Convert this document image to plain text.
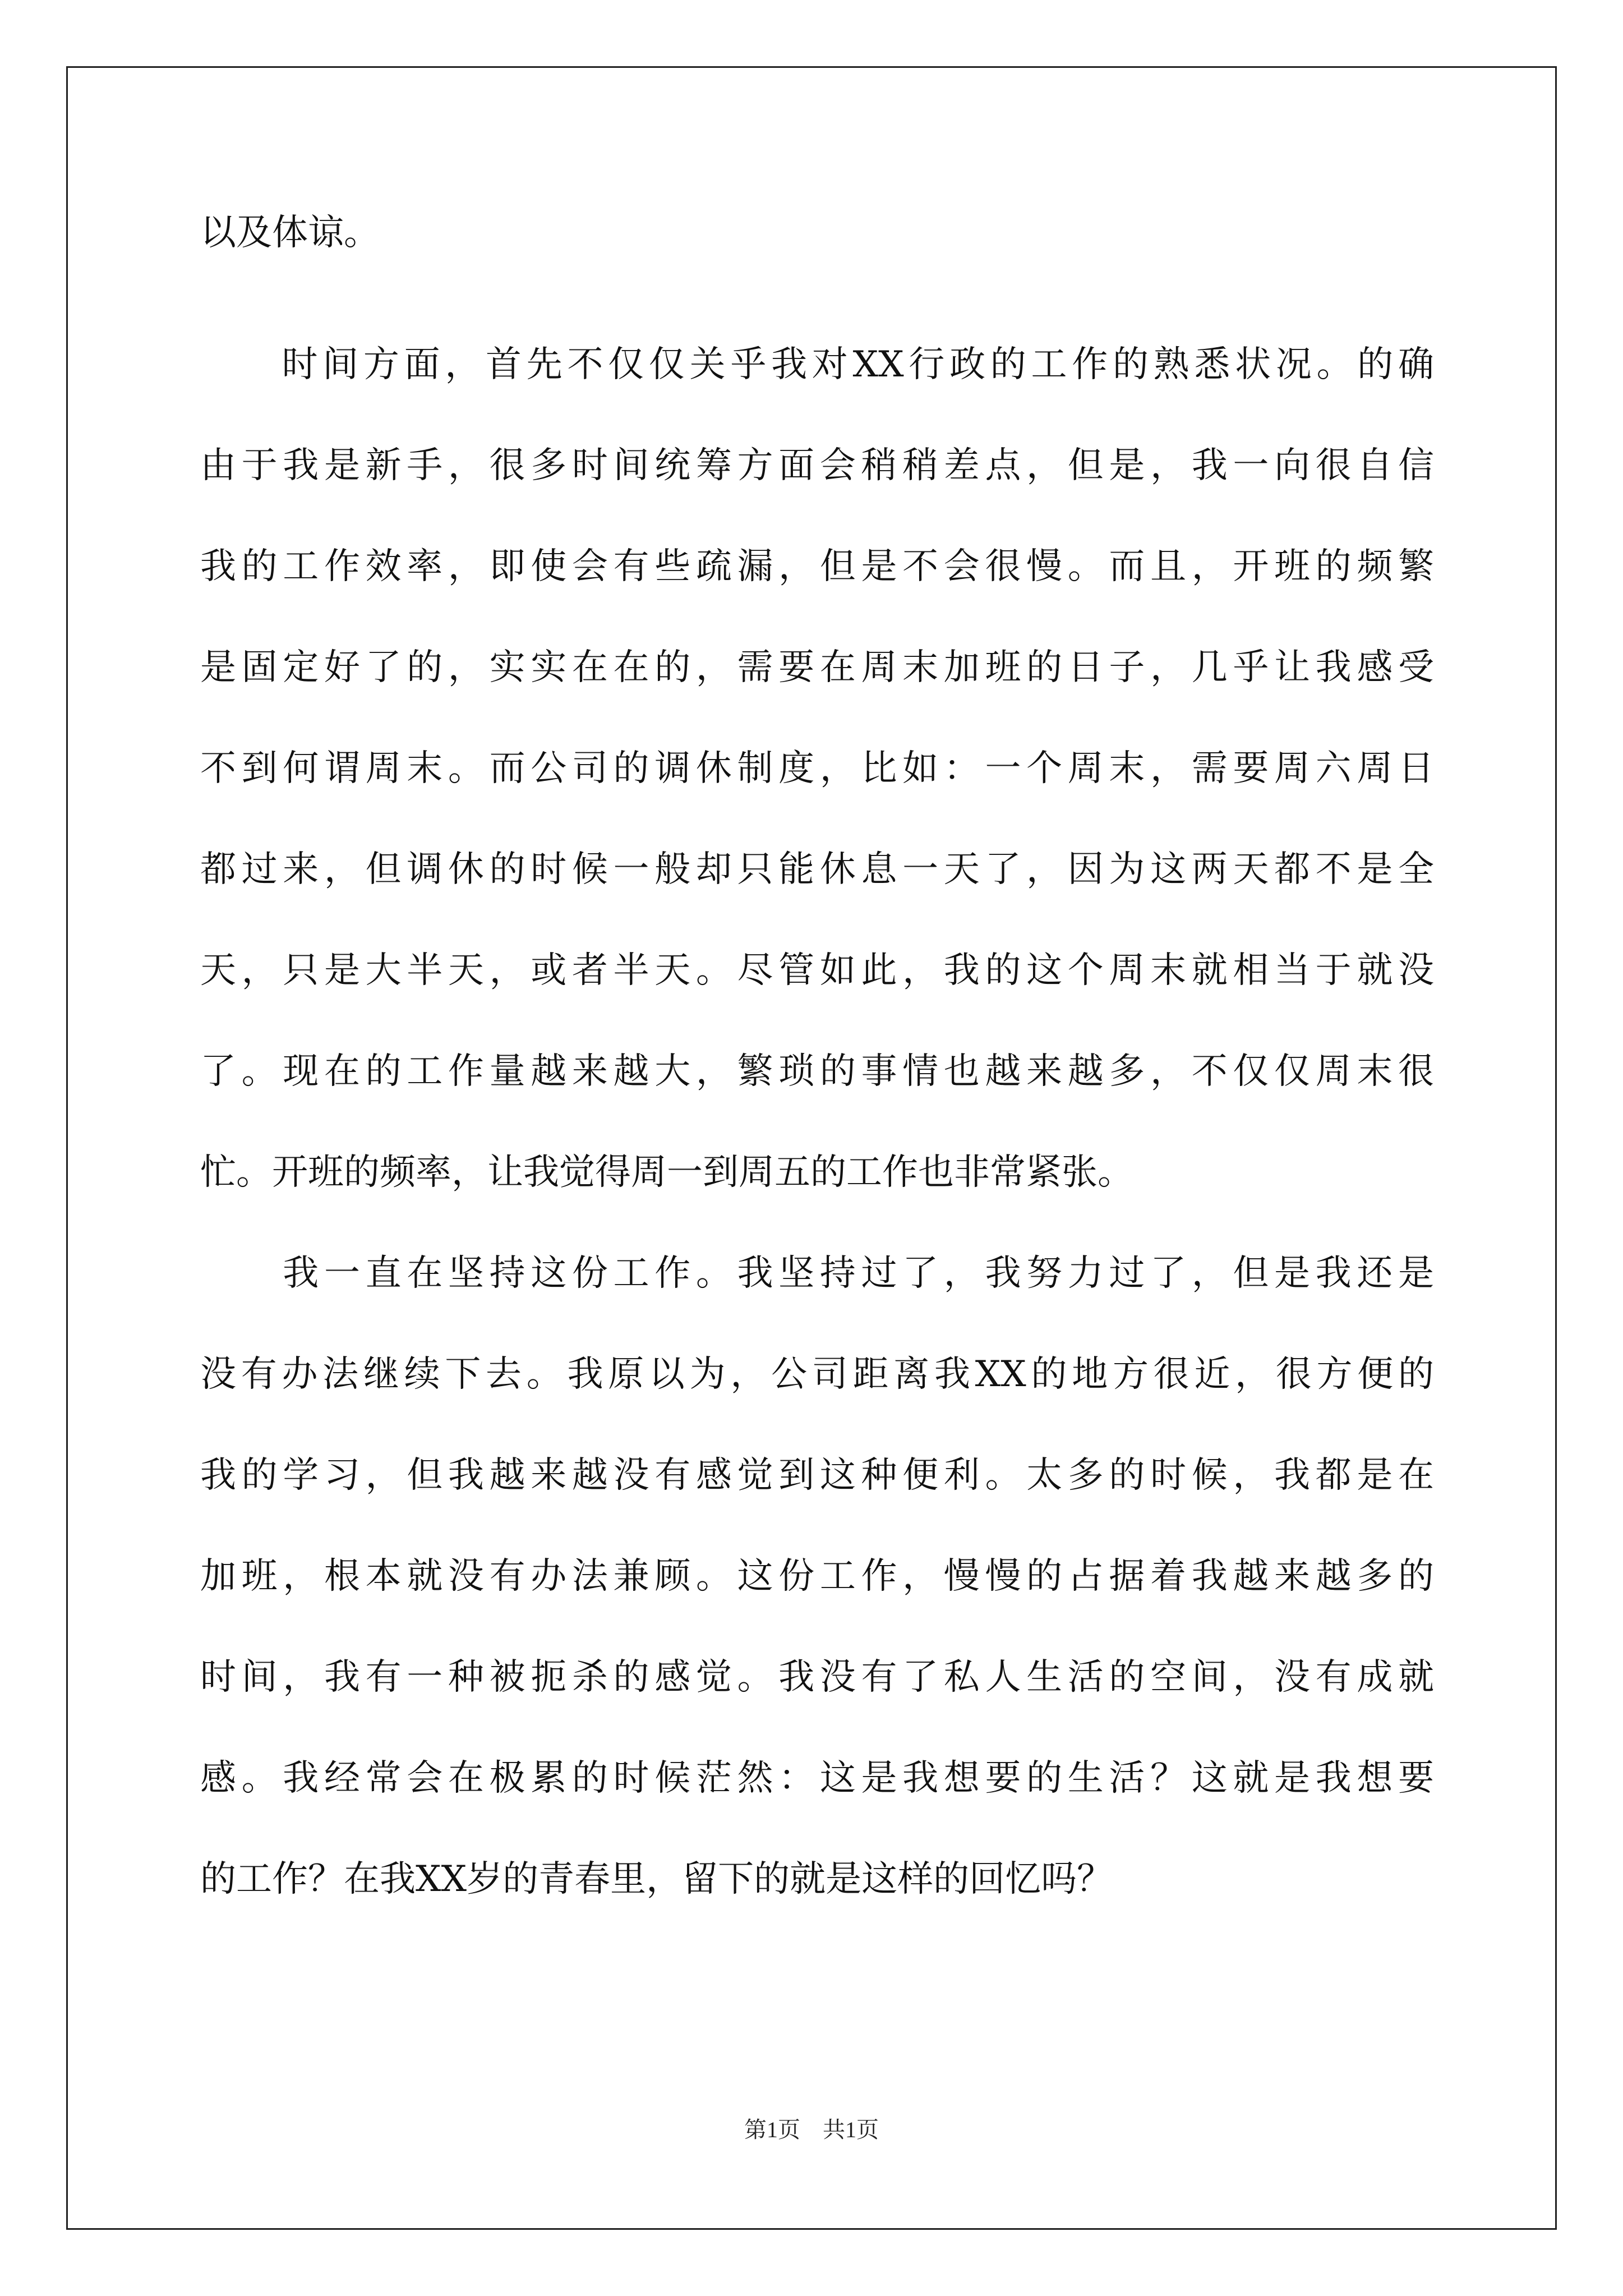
以及体谅。
　　时间方面，首先不仅仅关乎我对XX行政的工作的熟悉状况。的确
由于我是新手，很多时间统筹方面会稍稍差点，但是，我一向很自信
我的工作效率，即使会有些疏漏，但是不会很慢。而且，开班的频繁
是固定好了的，实实在在的，需要在周末加班的日子，几乎让我感受
不到何谓周末。而公司的调休制度，比如：一个周末，需要周六周日
都过来，但调休的时候一般却只能休息一天了，因为这两天都不是全
天，只是大半天，或者半天。尽管如此，我的这个周末就相当于就没
了。现在的工作量越来越大，繁琐的事情也越来越多，不仅仅周末很
忙。开班的频率，让我觉得周一到周五的工作也非常紧张。
　　我一直在坚持这份工作。我坚持过了，我努力过了，但是我还是
没有办法继续下去。我原以为，公司距离我XX的地方很近，很方便的
我的学习，但我越来越没有感觉到这种便利。太多的时候，我都是在
加班，根本就没有办法兼顾。这份工作，慢慢的占据着我越来越多的
时间，我有一种被扼杀的感觉。我没有了私人生活的空间，没有成就
感。我经常会在极累的时候茫然：这是我想要的生活？这就是我想要
的工作？在我XX岁的青春里，留下的就是这样的回忆吗？
第1页　共1页
